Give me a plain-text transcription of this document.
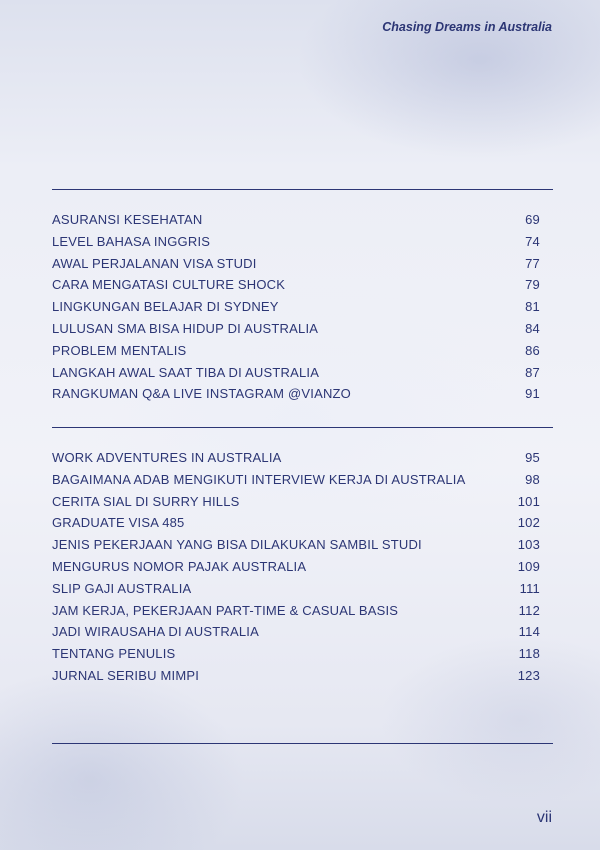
Chasing Dreams in Australia
ASURANSI KESEHATAN	69
LEVEL BAHASA INGGRIS	74
AWAL PERJALANAN VISA STUDI	77
CARA MENGATASI CULTURE SHOCK	79
LINGKUNGAN BELAJAR DI SYDNEY	81
LULUSAN SMA BISA HIDUP DI AUSTRALIA	84
PROBLEM MENTALIS	86
LANGKAH AWAL SAAT TIBA DI AUSTRALIA	87
RANGKUMAN Q&A LIVE INSTAGRAM @VIANZO	91
WORK ADVENTURES IN AUSTRALIA	95
BAGAIMANA ADAB MENGIKUTI INTERVIEW KERJA DI AUSTRALIA	98
CERITA SIAL DI SURRY HILLS	101
GRADUATE VISA 485	102
JENIS PEKERJAAN YANG BISA DILAKUKAN SAMBIL STUDI	103
MENGURUS NOMOR PAJAK AUSTRALIA	109
SLIP GAJI AUSTRALIA	111
JAM KERJA, PEKERJAAN PART-TIME & CASUAL BASIS	112
JADI WIRAUSAHA DI AUSTRALIA	114
TENTANG PENULIS	118
JURNAL SERIBU MIMPI	123
vii
